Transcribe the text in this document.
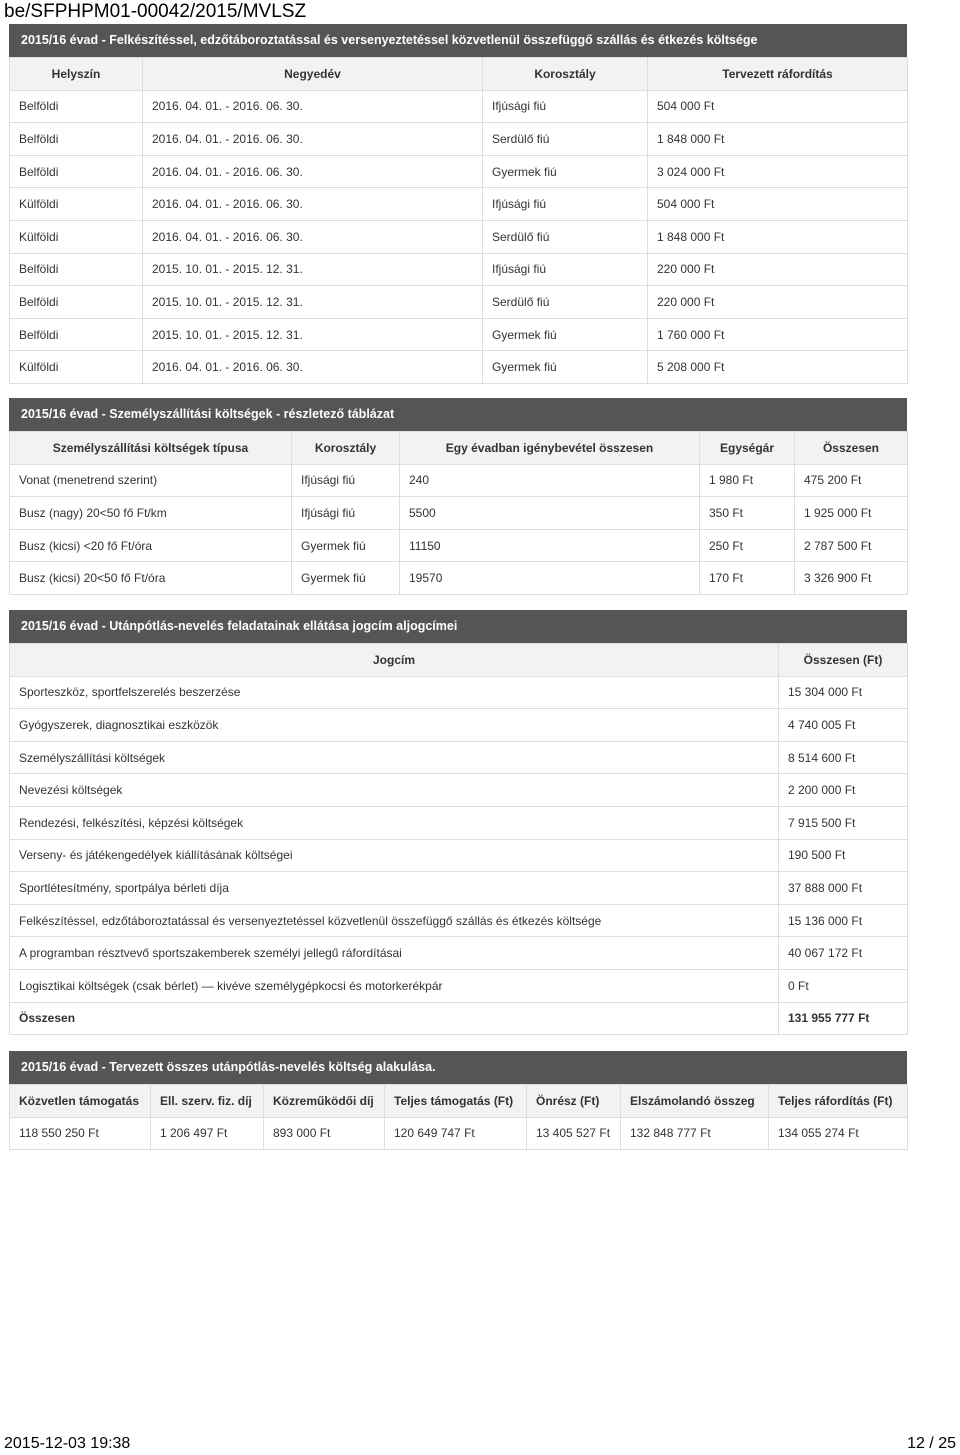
be/SFPHPM01-00042/2015/MVLSZ
2015/16 évad - Felkészítéssel, edzőtáboroztatással és versenyeztetéssel közvetlenül összefüggő szállás és étkezés költsége
Helyszín	Negyedév	Korosztály	Tervezett ráfordítás
Belföldi	2016. 04. 01. - 2016. 06. 30.	Ifjúsági fiú	504 000 Ft
Belföldi	2016. 04. 01. - 2016. 06. 30.	Serdülő fiú	1 848 000 Ft
Belföldi	2016. 04. 01. - 2016. 06. 30.	Gyermek fiú	3 024 000 Ft
Külföldi	2016. 04. 01. - 2016. 06. 30.	Ifjúsági fiú	504 000 Ft
Külföldi	2016. 04. 01. - 2016. 06. 30.	Serdülő fiú	1 848 000 Ft
Belföldi	2015. 10. 01. - 2015. 12. 31.	Ifjúsági fiú	220 000 Ft
Belföldi	2015. 10. 01. - 2015. 12. 31.	Serdülő fiú	220 000 Ft
Belföldi	2015. 10. 01. - 2015. 12. 31.	Gyermek fiú	1 760 000 Ft
Külföldi	2016. 04. 01. - 2016. 06. 30.	Gyermek fiú	5 208 000 Ft
2015/16 évad - Személyszállítási költségek - részletező táblázat
Személyszállítási költségek típusa	Korosztály	Egy évadban igénybevétel összesen	Egységár	Összesen
Vonat (menetrend szerint)	Ifjúsági fiú	240	1 980 Ft	475 200 Ft
Busz (nagy) 20<50 fő Ft/km	Ifjúsági fiú	5500	350 Ft	1 925 000 Ft
Busz (kicsi) <20 fő Ft/óra	Gyermek fiú	11150	250 Ft	2 787 500 Ft
Busz (kicsi) 20<50 fő Ft/óra	Gyermek fiú	19570	170 Ft	3 326 900 Ft
2015/16 évad - Utánpótlás-nevelés feladatainak ellátása jogcím aljogcímei
Jogcím	Összesen (Ft)
Sporteszköz, sportfelszerelés beszerzése	15 304 000 Ft
Gyógyszerek, diagnosztikai eszközök	4 740 005 Ft
Személyszállítási költségek	8 514 600 Ft
Nevezési költségek	2 200 000 Ft
Rendezési, felkészítési, képzési költségek	7 915 500 Ft
Verseny- és játékengedélyek kiállításának költségei	190 500 Ft
Sportlétesítmény, sportpálya bérleti díja	37 888 000 Ft
Felkészítéssel, edzőtáboroztatással és versenyeztetéssel közvetlenül összefüggő szállás és étkezés költsége	15 136 000 Ft
A programban résztvevő sportszakemberek személyi jellegű ráfordításai	40 067 172 Ft
Logisztikai költségek (csak bérlet) — kivéve személygépkocsi és motorkerékpár	0 Ft
Összesen	131 955 777 Ft
2015/16 évad - Tervezett összes utánpótlás-nevelés költség alakulása.
Közvetlen támogatás	Ell. szerv. fiz. díj	Közreműködői díj	Teljes támogatás (Ft)	Önrész (Ft)	Elszámolandó összeg	Teljes ráfordítás (Ft)
118 550 250 Ft	1 206 497 Ft	893 000 Ft	120 649 747 Ft	13 405 527 Ft	132 848 777 Ft	134 055 274 Ft
2015-12-03 19:38	12 / 25
